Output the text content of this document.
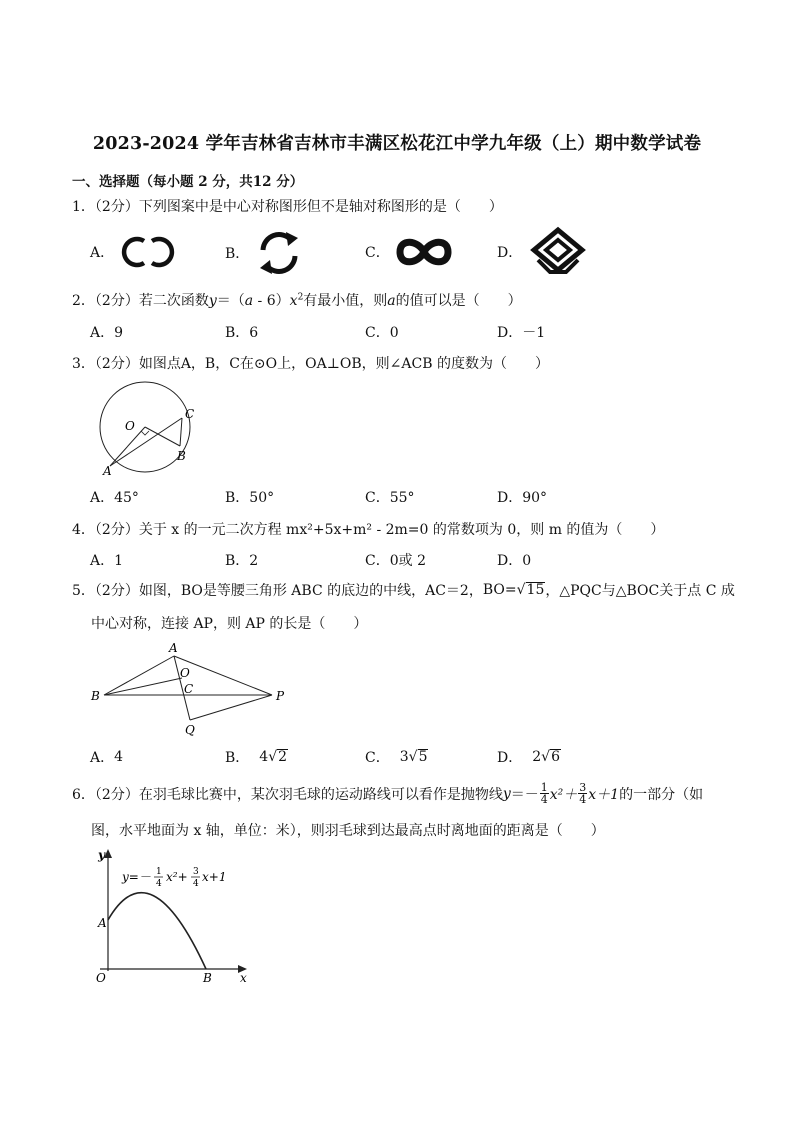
2023-2024 学年吉林省吉林市丰满区松花江中学九年级（上）期中数学试卷
一、选择题（每小题 2 分，共12 分）
1．（2分）下列图案中是中心对称图形但不是轴对称图形的是（　　）
A．	B．	C．	D．
2．（2分）若二次函数$y=(a - 6)x^2$有最小值，则a的值可以是（　　）
A．9	B．6	C．0	D．－1
3．（2分）如图点A，B，C在⊙O上，OA⊥OB，则∠ACB 的度数为（　　）
O
A
B
C
A．45°	B．50°	C．55°	D．90°
4．（2分）关于 x 的一元二次方程 mx²+5x+m² - 2m=0 的常数项为 0，则 m 的值为（　　）
A．1	B．2	C．0或 2	D．0
5．（2分）如图，BO是等腰三角形 ABC 的底边的中线，AC＝2， BO= √ 15 ，△PQC与△BOC关于点 C 成
中心对称，连接 AP，则 AP 的长是（　　）
A
O
C
B	P
Q
A． 4	B． 4 √ 2	C． 3 √ 5	D． 2 √ 6
6．（2分）在羽毛球比赛中，某次羽毛球的运动路线可以看作是抛物线 $y =- \frac{1}{4} x^2+ \frac{3}{4} x+1$ 的一部分（如
图，水平地面为 x 轴，单位：米），则羽毛球到达最高点时离地面的距离是（　　）
y
x
O
A
B
y=－ 1
4 x²+ 3
4 x+1
